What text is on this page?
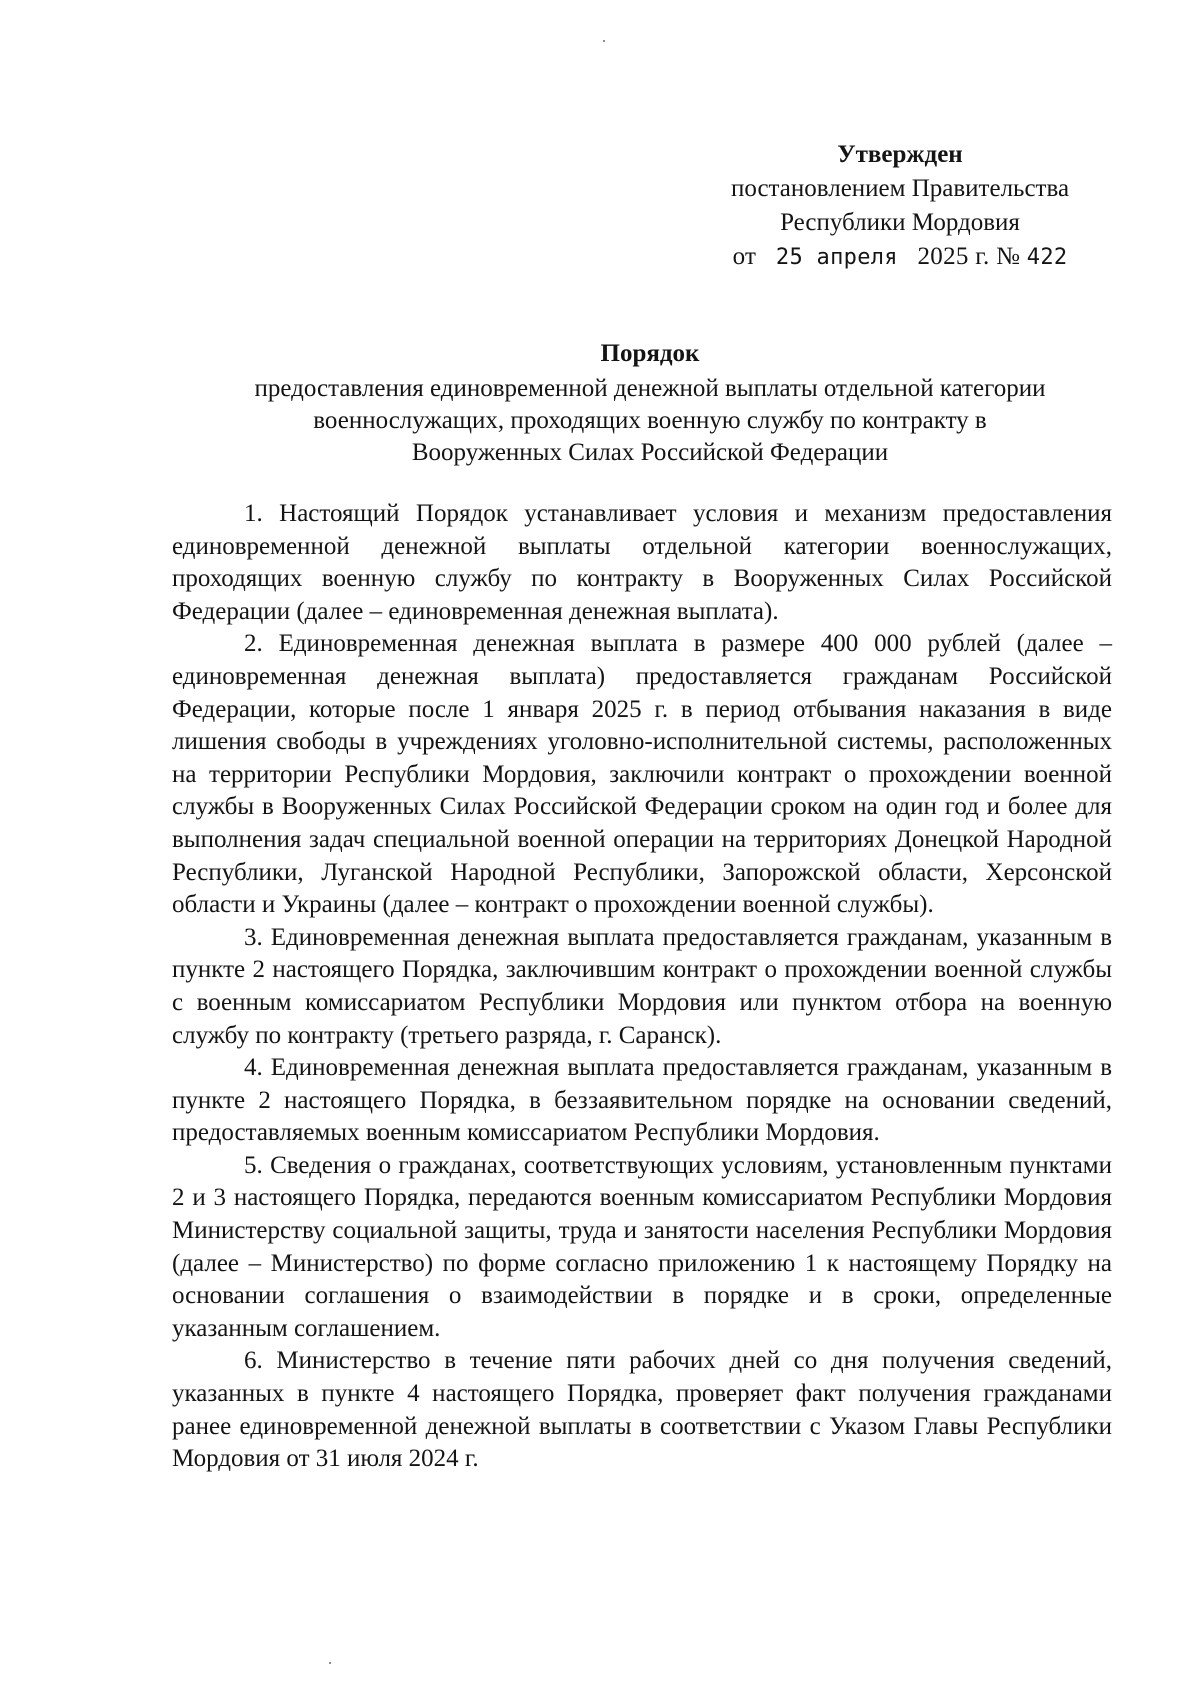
Утвержден
постановлением Правительства
Республики Мордовия
от 25 апреля 2025 г. № 422
Порядок
предоставления единовременной денежной выплаты отдельной категории
военнослужащих, проходящих военную службу по контракту в
Вооруженных Силах Российской Федерации

1. Настоящий Порядок устанавливает условия и механизм предоставления единовременной денежной выплаты отдельной категории военнослужащих, проходящих военную службу по контракту в Вооруженных Силах Российской Федерации (далее – единовременная денежная выплата).

2. Единовременная денежная выплата в размере 400 000 рублей (далее – единовременная денежная выплата) предоставляется гражданам Российской Федерации, которые после 1 января 2025 г. в период отбывания наказания в виде лишения свободы в учреждениях уголовно-исполнительной системы, расположенных на территории Республики Мордовия, заключили контракт о прохождении военной службы в Вооруженных Силах Российской Федерации сроком на один год и более для выполнения задач специальной военной операции на территориях Донецкой Народной Республики, Луганской Народной Республики, Запорожской области, Херсонской области и Украины (далее – контракт о прохождении военной службы).

3. Единовременная денежная выплата предоставляется гражданам, указанным в пункте 2 настоящего Порядка, заключившим контракт о прохождении военной службы с военным комиссариатом Республики Мордовия или пунктом отбора на военную службу по контракту (третьего разряда, г. Саранск).

4. Единовременная денежная выплата предоставляется гражданам, указанным в пункте 2 настоящего Порядка, в беззаявительном порядке на основании сведений, предоставляемых военным комиссариатом Республики Мордовия.

5. Сведения о гражданах, соответствующих условиям, установленным пунктами 2 и 3 настоящего Порядка, передаются военным комиссариатом Республики Мордовия Министерству социальной защиты, труда и занятости населения Республики Мордовия (далее – Министерство) по форме согласно приложению 1 к настоящему Порядку на основании соглашения о взаимодействии в порядке и в сроки, определенные указанным соглашением.

6. Министерство в течение пяти рабочих дней со дня получения сведений, указанных в пункте 4 настоящего Порядка, проверяет факт получения гражданами ранее единовременной денежной выплаты в соответствии с Указом Главы Республики Мордовия от 31 июля 2024 г.
